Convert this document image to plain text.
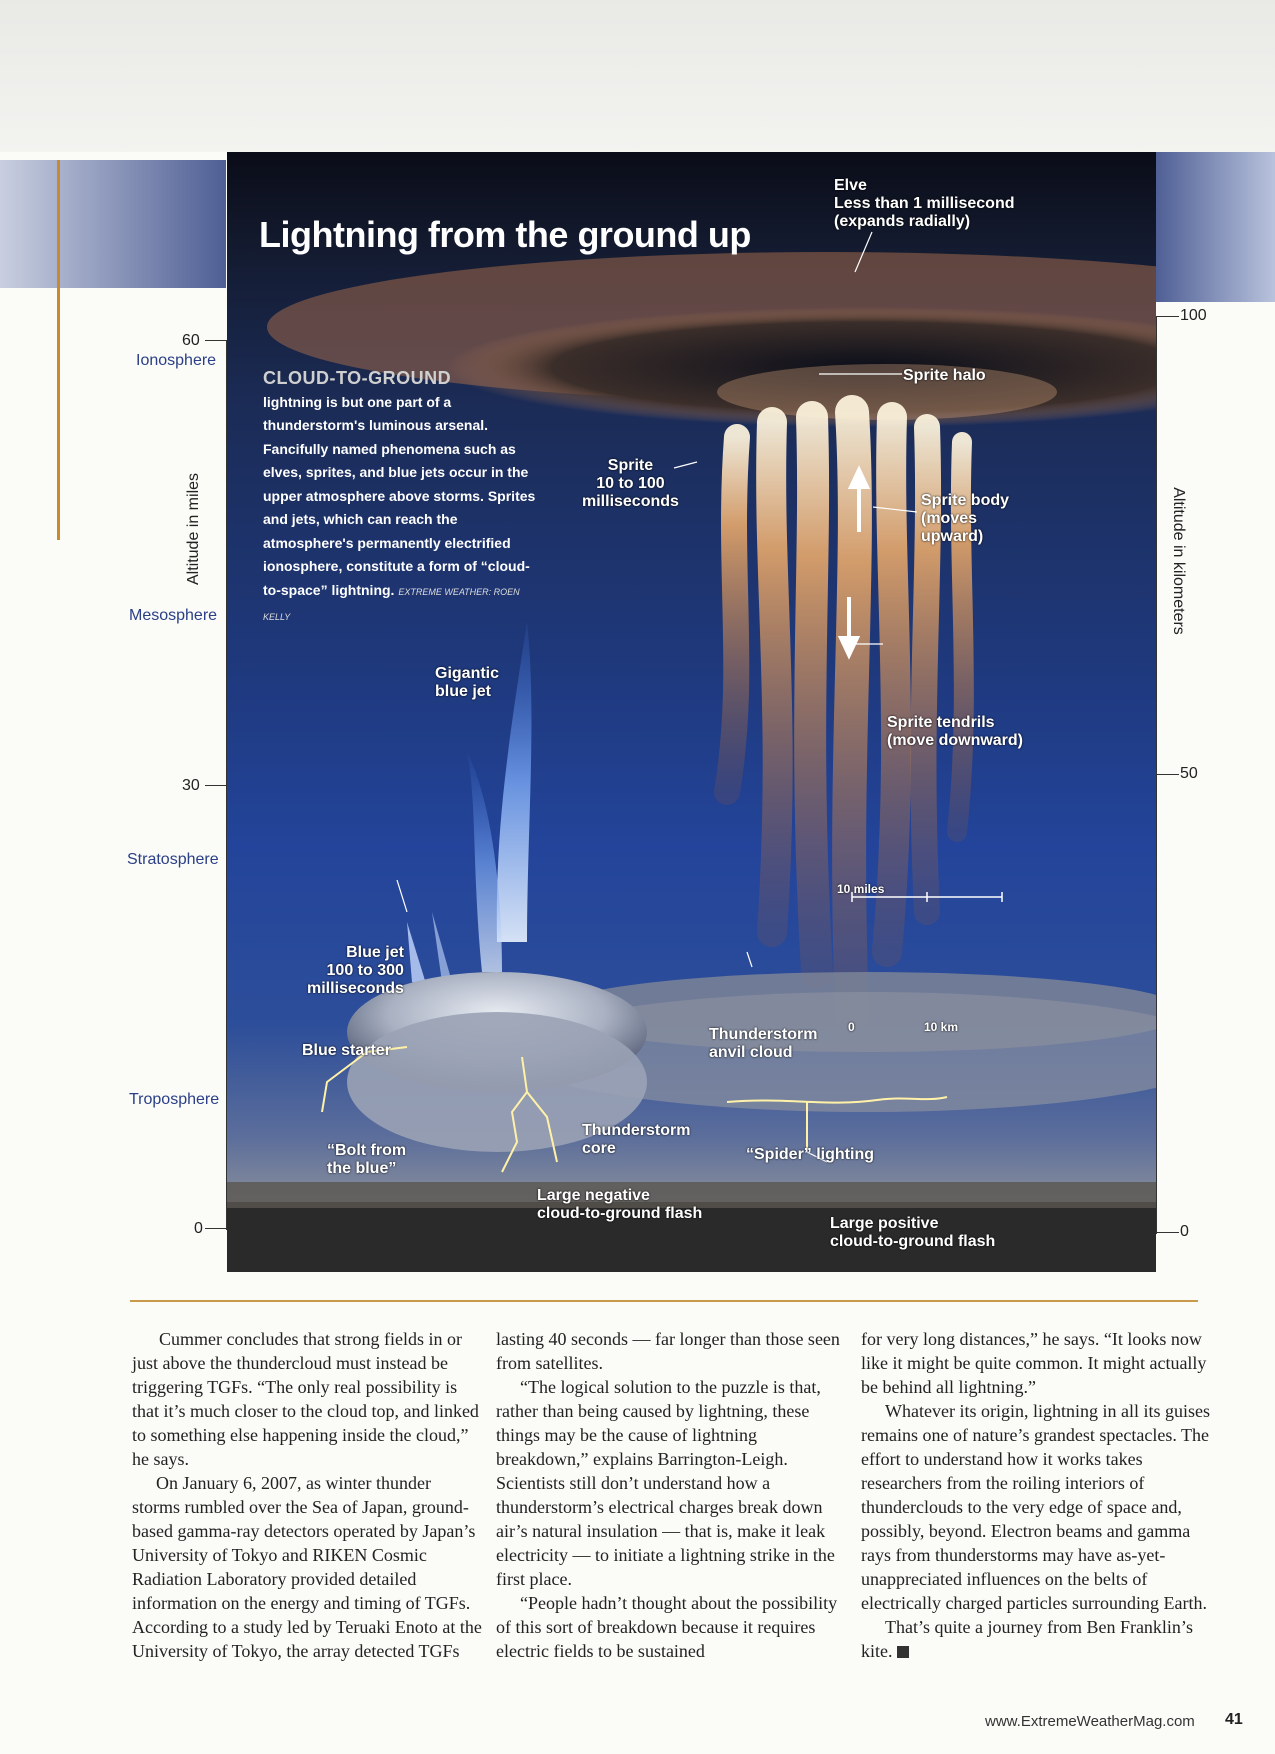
Lightning from the ground up
CLOUD-TO-GROUND
lightning is but one part of a thunderstorm's luminous arsenal. Fancifully named phenomena such as elves, sprites, and blue jets occur in the upper atmosphere above storms. Sprites and jets, which can reach the atmosphere's permanently electrified ionosphere, constitute a form of “cloud-to-space” lightning. EXTREME WEATHER: ROEN KELLY
Elve
Less than 1 millisecond
(expands radially)
Sprite halo
Sprite
10 to 100
milliseconds	Sprite body
(moves
upward)
Gigantic
blue jet
Sprite tendrils
(move downward)
Blue jet
100 to 300
milliseconds
10 miles
0	10 km
Thunderstorm
anvil cloud
Blue starter
Thunderstorm
core	“Spider” lighting
“Bolt from
the blue”
Large negative
cloud-to-ground flash
Large positive
cloud-to-ground flash
60
30
0
Ionosphere
Mesosphere
Stratosphere
Troposphere
Altitude in miles
100
50
0
Altitude in kilometers

Cummer concludes that strong fields in or just above the thundercloud must instead be triggering TGFs. “The only real possibility is that it’s much closer to the cloud top, and linked to something else happening inside the cloud,” he says.

On January 6, 2007, as winter thunder storms rumbled over the Sea of Japan, ground-based gamma-ray detectors operated by Japan’s University of Tokyo and RIKEN Cosmic Radiation Laboratory provided detailed information on the energy and timing of TGFs. According to a study led by Teruaki Enoto at the University of Tokyo, the array detected TGFs

lasting 40 seconds — far longer than those seen from satellites.

“The logical solution to the puzzle is that, rather than being caused by lightning, these things may be the cause of lightning breakdown,” explains Barrington-Leigh. Scientists still don’t understand how a thunderstorm’s electrical charges break down air’s natural insulation — that is, make it leak electricity — to initiate a lightning strike in the first place.

“People hadn’t thought about the possibility of this sort of breakdown because it requires electric fields to be sustained

for very long distances,” he says. “It looks now like it might be quite common. It might actually be behind all lightning.”

Whatever its origin, lightning in all its guises remains one of nature’s grandest spectacles. The effort to understand how it works takes researchers from the roiling interiors of thunderclouds to the very edge of space and, possibly, beyond. Electron beams and gamma rays from thunderstorms may have as-yet-unappreciated influences on the belts of electrically charged particles surrounding Earth.

That’s quite a journey from Ben Franklin’s kite.

www.ExtremeWeatherMag.com 41
